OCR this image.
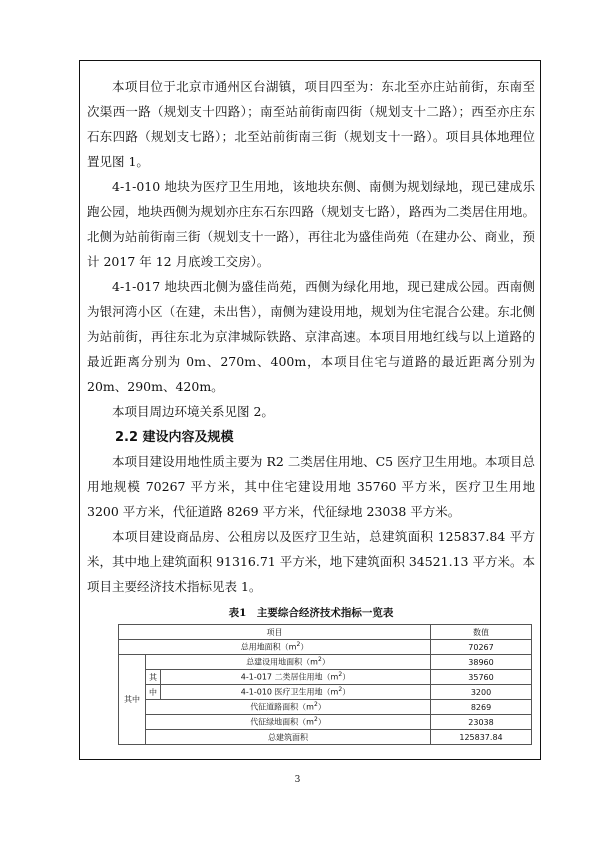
本项目位于北京市通州区台湖镇，项目四至为：东北至亦庄站前街，东南至次渠西一路（规划支十四路）；南至站前街南四街（规划支十二路）；西至亦庄东石东四路（规划支七路）；北至站前街南三街（规划支十一路）。项目具体地理位置见图 1。

4-1-010 地块为医疗卫生用地，该地块东侧、南侧为规划绿地，现已建成乐跑公园，地块西侧为规划亦庄东石东四路（规划支七路），路西为二类居住用地。北侧为站前街南三街（规划支十一路），再往北为盛佳尚苑（在建办公、商业，预计 2017 年 12 月底竣工交房）。

4-1-017 地块西北侧为盛佳尚苑，西侧为绿化用地，现已建成公园。西南侧为银河湾小区（在建，未出售），南侧为建设用地，规划为住宅混合公建。东北侧为站前街，再往东北为京津城际铁路、京津高速。本项目用地红线与以上道路的最近距离分别为 0m、270m、400m，本项目住宅与道路的最近距离分别为 20m、290m、420m。

本项目周边环境关系见图 2。

2.2 建设内容及规模

本项目建设用地性质主要为 R2 二类居住用地、C5 医疗卫生用地。本项目总用地规模 70267 平方米，其中住宅建设用地 35760 平方米，医疗卫生用地 3200 平方米，代征道路 8269 平方米，代征绿地 23038 平方米。

本项目建设商品房、公租房以及医疗卫生站，总建筑面积 125837.84 平方米，其中地上建筑面积 91316.71 平方米，地下建筑面积 34521.13 平方米。本项目主要经济技术指标见表 1。

表1　主要综合经济技术指标一览表

项目			数值
总用地面积$(m^2)$			70267
其中	总建设用地面积$(m^2)$		38960
	其	4-1-017 二类居住用地$(m^2)$	35760
	中	4-1-010 医疗卫生用地$(m^2)$	3200
	代征道路面积$(m^2)$		8269
	代征绿地面积$(m^2)$		23038
	总建筑面积		125837.84
3
